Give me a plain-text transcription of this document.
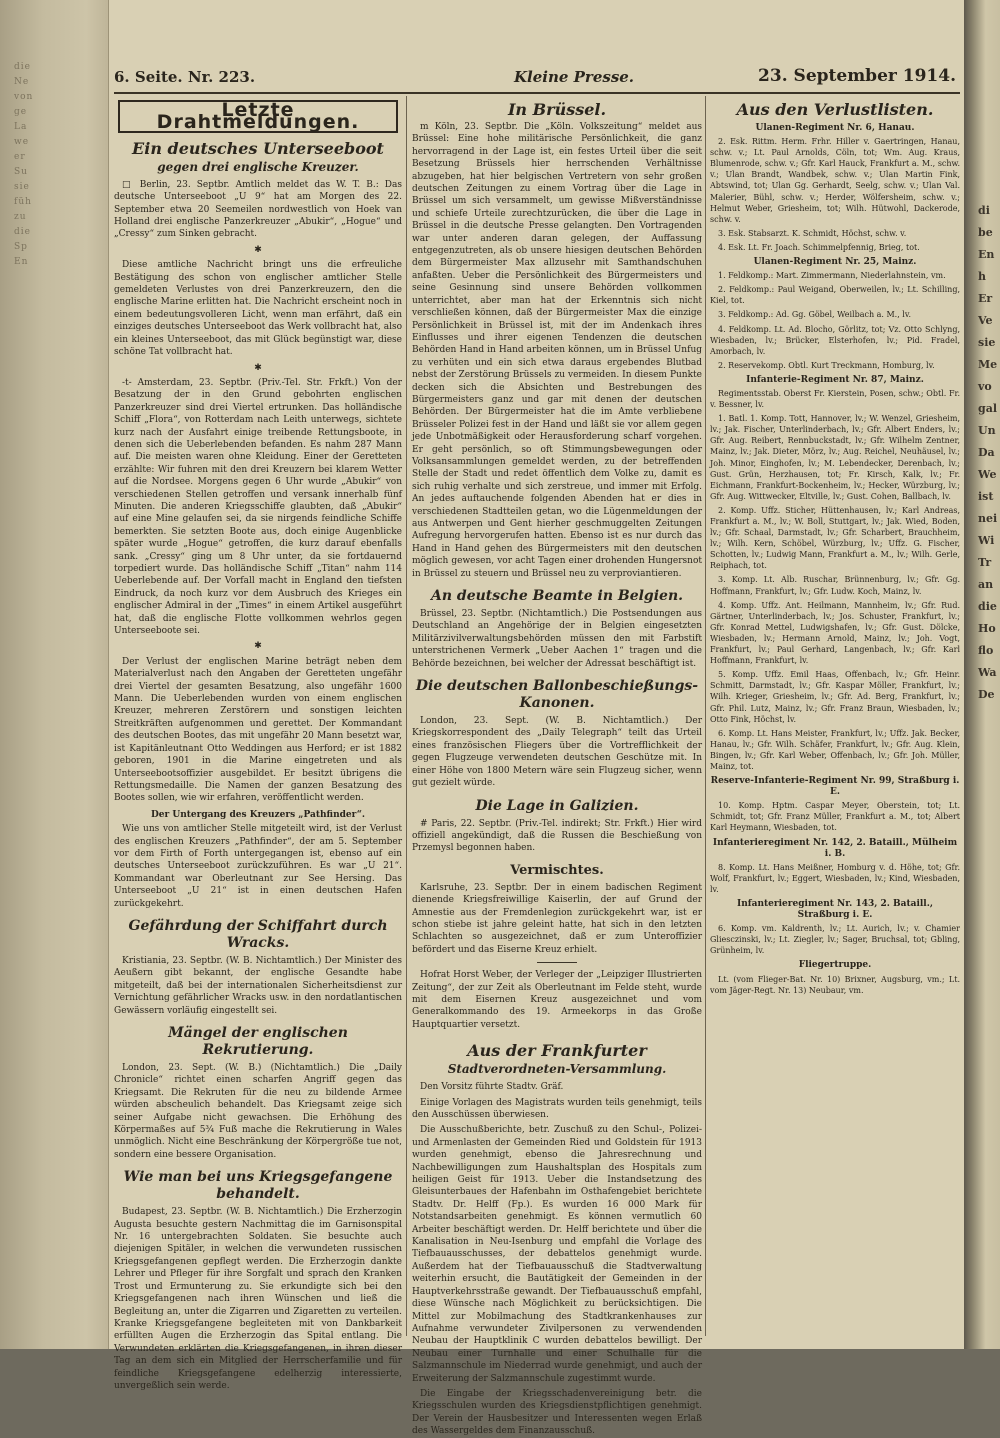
die
Ne
von
ge
La
we
er
Su
sie
füh
zu
die
Sp
En
6. Seite. Nr. 223.	Kleine Presse.	23. September 1914.
Letzte Drahtmeldungen.
Ein deutsches Unterseeboot
gegen drei englische Kreuzer.

□ Berlin, 23. Septbr. Amtlich meldet das W. T. B.: Das deutsche Unterseeboot „U 9“ hat am Morgen des 22. September etwa 20 Seemeilen nordwestlich von Hoek van Holland drei englische Panzerkreuzer „Abukir“, „Hogue“ und „Cressy“ zum Sinken gebracht.

✱

Diese amtliche Nachricht bringt uns die erfreuliche Bestätigung des schon von englischer amtlicher Stelle gemeldeten Verlustes von drei Panzerkreuzern, den die englische Marine erlitten hat. Die Nachricht erscheint noch in einem bedeutungsvolleren Licht, wenn man erfährt, daß ein einziges deutsches Unterseeboot das Werk vollbracht hat, also ein kleines Unterseeboot, das mit Glück begünstigt war, diese schöne Tat vollbracht hat.

✱

-t- Amsterdam, 23. Septbr. (Priv.-Tel. Str. Frkft.) Von der Besatzung der in den Grund gebohrten englischen Panzerkreuzer sind drei Viertel ertrunken. Das holländische Schiff „Flora“, von Rotterdam nach Leith unterwegs, sichtete kurz nach der Ausfahrt einige treibende Rettungsboote, in denen sich die Ueberlebenden befanden. Es nahm 287 Mann auf. Die meisten waren ohne Kleidung. Einer der Geretteten erzählte: Wir fuhren mit den drei Kreuzern bei klarem Wetter auf die Nordsee. Morgens gegen 6 Uhr wurde „Abukir“ von verschiedenen Stellen getroffen und versank innerhalb fünf Minuten. Die anderen Kriegsschiffe glaubten, daß „Abukir“ auf eine Mine gelaufen sei, da sie nirgends feindliche Schiffe bemerkten. Sie setzten Boote aus, doch einige Augenblicke später wurde „Hogue“ getroffen, die kurz darauf ebenfalls sank. „Cressy“ ging um 8 Uhr unter, da sie fortdauernd torpediert wurde. Das holländische Schiff „Titan“ nahm 114 Ueberlebende auf. Der Vorfall macht in England den tiefsten Eindruck, da noch kurz vor dem Ausbruch des Krieges ein englischer Admiral in der „Times“ in einem Artikel ausgeführt hat, daß die englische Flotte vollkommen wehrlos gegen Unterseeboote sei.

✱

Der Verlust der englischen Marine beträgt neben dem Materialverlust nach den Angaben der Geretteten ungefähr drei Viertel der gesamten Besatzung, also ungefähr 1600 Mann. Die Ueberlebenden wurden von einem englischen Kreuzer, mehreren Zerstörern und sonstigen leichten Streitkräften aufgenommen und gerettet. Der Kommandant des deutschen Bootes, das mit ungefähr 20 Mann besetzt war, ist Kapitänleutnant Otto Weddingen aus Herford; er ist 1882 geboren, 1901 in die Marine eingetreten und als Unterseebootsoffizier ausgebildet. Er besitzt übrigens die Rettungsmedaille. Die Namen der ganzen Besatzung des Bootes sollen, wie wir erfahren, veröffentlicht werden.

Der Untergang des Kreuzers „Pathfinder“.

Wie uns von amtlicher Stelle mitgeteilt wird, ist der Verlust des englischen Kreuzers „Pathfinder“, der am 5. September vor dem Firth of Forth untergegangen ist, ebenso auf ein deutsches Unterseeboot zurückzuführen. Es war „U 21“. Kommandant war Oberleutnant zur See Hersing. Das Unterseeboot „U 21“ ist in einen deutschen Hafen zurückgekehrt.

Gefährdung der Schiffahrt durch Wracks.

Kristiania, 23. Septbr. (W. B. Nichtamtlich.) Der Minister des Aeußern gibt bekannt, der englische Gesandte habe mitgeteilt, daß bei der internationalen Sicherheitsdienst zur Vernichtung gefährlicher Wracks usw. in den nordatlantischen Gewässern vorläufig eingestellt sei.

Mängel der englischen Rekrutierung.

London, 23. Sept. (W. B.) (Nichtamtlich.) Die „Daily Chronicle“ richtet einen scharfen Angriff gegen das Kriegsamt. Die Rekruten für die neu zu bildende Armee würden abscheulich behandelt. Das Kriegsamt zeige sich seiner Aufgabe nicht gewachsen. Die Erhöhung des Körpermaßes auf 5¾ Fuß mache die Rekrutierung in Wales unmöglich. Nicht eine Beschränkung der Körpergröße tue not, sondern eine bessere Organisation.

Wie man bei uns Kriegsgefangene behandelt.

Budapest, 23. Septbr. (W. B. Nichtamtlich.) Die Erzherzogin Augusta besuchte gestern Nachmittag die im Garnisonspital Nr. 16 untergebrachten Soldaten. Sie besuchte auch diejenigen Spitäler, in welchen die verwundeten russischen Kriegsgefangenen gepflegt werden. Die Erzherzogin dankte Lehrer und Pfleger für ihre Sorgfalt und sprach den Kranken Trost und Ermunterung zu. Sie erkundigte sich bei den Kriegsgefangenen nach ihren Wünschen und ließ die Begleitung an, unter die Zigarren und Zigaretten zu verteilen. Kranke Kriegsgefangene begleiteten mit von Dankbarkeit erfüllten Augen die Erzherzogin das Spital entlang. Die Verwundeten erklärten die Kriegsgefangenen, in ihren dieser Tag an dem sich ein Mitglied der Herrscherfamilie und für feindliche Kriegsgefangene edelherzig interessierte, unvergeßlich sein werde.

In Brüssel.

m Köln, 23. Septbr. Die „Köln. Volkszeitung“ meldet aus Brüssel: Eine hohe militärische Persönlichkeit, die ganz hervorragend in der Lage ist, ein festes Urteil über die seit Besetzung Brüssels hier herrschenden Verhältnisse abzugeben, hat hier belgischen Vertretern von sehr großen deutschen Zeitungen zu einem Vortrag über die Lage in Brüssel um sich versammelt, um gewisse Mißverständnisse und schiefe Urteile zurechtzurücken, die über die Lage in Brüssel in die deutsche Presse gelangten. Den Vortragenden war unter anderen daran gelegen, der Auffassung entgegenzutreten, als ob unsere hiesigen deutschen Behörden dem Bürgermeister Max allzusehr mit Samthandschuhen anfaßten. Ueber die Persönlichkeit des Bürgermeisters und seine Gesinnung sind unsere Behörden vollkommen unterrichtet, aber man hat der Erkenntnis sich nicht verschließen können, daß der Bürgermeister Max die einzige Persönlichkeit in Brüssel ist, mit der im Andenkach ihres Einflusses und ihrer eigenen Tendenzen die deutschen Behörden Hand in Hand arbeiten können, um in Brüssel Unfug zu verhüten und ein sich etwa daraus ergebendes Blutbad nebst der Zerstörung Brüssels zu vermeiden. In diesem Punkte decken sich die Absichten und Bestrebungen des Bürgermeisters ganz und gar mit denen der deutschen Behörden. Der Bürgermeister hat die im Amte verbliebene Brüsseler Polizei fest in der Hand und läßt sie vor allem gegen jede Unbotmäßigkeit oder Herausforderung scharf vorgehen. Er geht persönlich, so oft Stimmungsbewegungen oder Volksansammlungen gemeldet werden, zu der betreffenden Stelle der Stadt und redet öffentlich dem Volke zu, damit es sich ruhig verhalte und sich zerstreue, und immer mit Erfolg. An jedes auftauchende folgenden Abenden hat er dies in verschiedenen Stadtteilen getan, wo die Lügenmeldungen der aus Antwerpen und Gent hierher geschmuggelten Zeitungen Aufregung hervorgerufen hatten. Ebenso ist es nur durch das Hand in Hand gehen des Bürgermeisters mit den deutschen möglich gewesen, vor acht Tagen einer drohenden Hungersnot in Brüssel zu steuern und Brüssel neu zu verproviantieren.

An deutsche Beamte in Belgien.

Brüssel, 23. Septbr. (Nichtamtlich.) Die Postsendungen aus Deutschland an Angehörige der in Belgien eingesetzten Militärzivilverwaltungsbehörden müssen den mit Farbstift unterstrichenen Vermerk „Ueber Aachen 1“ tragen und die Behörde bezeichnen, bei welcher der Adressat beschäftigt ist.

Die deutschen Ballonbeschießungs-Kanonen.

London, 23. Sept. (W. B. Nichtamtlich.) Der Kriegskorrespondent des „Daily Telegraph“ teilt das Urteil eines französischen Fliegers über die Vortrefflichkeit der gegen Flugzeuge verwendeten deutschen Geschütze mit. In einer Höhe von 1800 Metern wäre sein Flugzeug sicher, wenn gut gezielt würde.

Die Lage in Galizien.

# Paris, 22. Septbr. (Priv.-Tel. indirekt; Str. Frkft.) Hier wird offiziell angekündigt, daß die Russen die Beschießung von Przemysl begonnen haben.

Vermischtes.

Karlsruhe, 23. Septbr. Der in einem badischen Regiment dienende Kriegsfreiwillige Kaiserlin, der auf Grund der Amnestie aus der Fremdenlegion zurückgekehrt war, ist er schon stiebe ist jahre geleint hatte, hat sich in den letzten Schlachten so ausgezeichnet, daß er zum Unteroffizier befördert und das Eiserne Kreuz erhielt.

Hofrat Horst Weber, der Verleger der „Leipziger Illustrierten Zeitung“, der zur Zeit als Oberleutnant im Felde steht, wurde mit dem Eisernen Kreuz ausgezeichnet und vom Generalkommando des 19. Armeekorps in das Große Hauptquartier versetzt.

Aus der Frankfurter
Stadtverordneten-Versammlung.

Den Vorsitz führte Stadtv. Gräf.

Einige Vorlagen des Magistrats wurden teils genehmigt, teils den Ausschüssen überwiesen.

Die Ausschußberichte, betr. Zuschuß zu den Schul-, Polizei- und Armenlasten der Gemeinden Ried und Goldstein für 1913 wurden genehmigt, ebenso die Jahresrechnung und Nachbewilligungen zum Haushaltsplan des Hospitals zum heiligen Geist für 1913. Ueber die Instandsetzung des Gleisunterbaues der Hafenbahn im Osthafengebiet berichtete Stadtv. Dr. Helff (Fp.). Es wurden 16 000 Mark für Notstandsarbeiten genehmigt. Es können vermutlich 60 Arbeiter beschäftigt werden. Dr. Helff berichtete und über die Kanalisation in Neu-Isenburg und empfahl die Vorlage des Tiefbauausschusses, der debattelos genehmigt wurde. Außerdem hat der Tiefbauausschuß die Stadtverwaltung weiterhin ersucht, die Bautätigkeit der Gemeinden in der Hauptverkehrsstraße gewandt. Der Tiefbauausschuß empfahl, diese Wünsche nach Möglichkeit zu berücksichtigen. Die Mittel zur Mobilmachung des Stadtkrankenhauses zur Aufnahme verwundeter Zivilpersonen zu verwendenden Neubau der Hauptklinik C wurden debattelos bewilligt. Der Neubau einer Turnhalle und einer Schulhalle für die Salzmannschule im Niederrad wurde genehmigt, und auch der Erweiterung der Salzmannschule zugestimmt wurde.

Die Eingabe der Kriegsschadenvereinigung betr. die Kriegsschulen wurden des Kriegsdienstpflichtigen genehmigt. Der Verein der Hausbesitzer und Interessenten wegen Erlaß des Wassergeldes dem Finanzausschuß.

Aus den Verlustlisten.
Ulanen-Regiment Nr. 6, Hanau.

2. Esk. Rittm. Herm. Frhr. Hiller v. Gaertringen, Hanau, schw. v.; Lt. Paul Arnolds, Cöln, tot; Wm. Aug. Kraus, Blumenrode, schw. v.; Gfr. Karl Hauck, Frankfurt a. M., schw. v.; Ulan Brandt, Wandbek, schw. v.; Ulan Martin Fink, Abtswind, tot; Ulan Gg. Gerhardt, Seelg, schw. v.; Ulan Val. Malerier, Bühl, schw. v.; Herder, Wölfersheim, schw. v.; Helmut Weber, Griesheim, tot; Wilh. Hütwohl, Dackerode, schw. v.

3. Esk. Stabsarzt. K. Schmidt, Höchst, schw. v.

4. Esk. Lt. Fr. Joach. Schimmelpfennig, Brieg, tot.

Ulanen-Regiment Nr. 25, Mainz.

1. Feldkomp.: Mart. Zimmermann, Niederlahnstein, vm.

2. Feldkomp.: Paul Weigand, Oberweilen, lv.; Lt. Schilling, Kiel, tot.

3. Feldkomp.: Ad. Gg. Göbel, Weilbach a. M., lv.

4. Feldkomp. Lt. Ad. Blocho, Görlitz, tot; Vz. Otto Schlyng, Wiesbaden, lv.; Brücker, Elsterhofen, lv.; Pid. Fradel, Amorbach, lv.

2. Reservekomp. Obtl. Kurt Treckmann, Homburg, lv.

Infanterie-Regiment Nr. 87, Mainz.

Regimentsstab. Oberst Fr. Kierstein, Posen, schw.; Obtl. Fr. v. Bessner, lv.

1. Batl. 1. Komp. Tott, Hannover, lv.; W. Wenzel, Griesheim, lv.; Jak. Fischer, Unterlinderbach, lv.; Gfr. Albert Enders, lv.; Gfr. Aug. Reibert, Rennbuckstadt, lv.; Gfr. Wilhelm Zentner, Mainz, lv.; Jak. Dieter, Mörz, lv.; Aug. Reichel, Neuhäusel, lv.; Joh. Minor, Einghofen, lv.; M. Lebendecker, Derenbach, lv.; Gust. Grün, Herzhausen, tot; Fr. Kirsch, Kalk, lv.; Fr. Eichmann, Frankfurt-Bockenheim, lv.; Hecker, Würzburg, lv.; Gfr. Aug. Wittwecker, Eltville, lv.; Gust. Cohen, Ballbach, lv.

2. Komp. Uffz. Sticher, Hüttenhausen, lv.; Karl Andreas, Frankfurt a. M., lv.; W. Boll, Stuttgart, lv.; Jak. Wied, Boden, lv.; Gfr. Schaal, Darmstadt, lv.; Gfr. Scharbert, Brauchheim, lv.; Wilh. Kern, Schöbel, Würzburg, lv.; Uffz. G. Fischer, Schotten, lv.; Ludwig Mann, Frankfurt a. M., lv.; Wilh. Gerle, Reiphach, tot.

3. Komp. Lt. Alb. Ruschar, Brünnenburg, lv.; Gfr. Gg. Hoffmann, Frankfurt, lv.; Gfr. Ludw. Koch, Mainz, lv.

4. Komp. Uffz. Ant. Heilmann, Mannheim, lv.; Gfr. Rud. Gärtner, Unterlinderbach, lv.; Jos. Schuster, Frankfurt, lv.; Gfr. Konrad Mettel, Ludwigshafen, lv.; Gfr. Gust. Dölcke, Wiesbaden, lv.; Hermann Arnold, Mainz, lv.; Joh. Vogt, Frankfurt, lv.; Paul Gerhard, Langenbach, lv.; Gfr. Karl Hoffmann, Frankfurt, lv.

5. Komp. Uffz. Emil Haas, Offenbach, lv.; Gfr. Heinr. Schmitt, Darmstadt, lv.; Gfr. Kaspar Möller, Frankfurt, lv.; Wilh. Krieger, Griesheim, lv.; Gfr. Ad. Berg, Frankfurt, lv.; Gfr. Phil. Lutz, Mainz, lv.; Gfr. Franz Braun, Wiesbaden, lv.; Otto Fink, Höchst, lv.

6. Komp. Lt. Hans Meister, Frankfurt, lv.; Uffz. Jak. Becker, Hanau, lv.; Gfr. Wilh. Schäfer, Frankfurt, lv.; Gfr. Aug. Klein, Bingen, lv.; Gfr. Karl Weber, Offenbach, lv.; Gfr. Joh. Müller, Mainz, tot.

Reserve-Infanterie-Regiment Nr. 99, Straßburg i. E.

10. Komp. Hptm. Caspar Meyer, Oberstein, tot; Lt. Schmidt, tot; Gfr. Franz Müller, Frankfurt a. M., tot; Albert Karl Heymann, Wiesbaden, tot.

Infanterieregiment Nr. 142, 2. Bataill., Mülheim i. B.

8. Komp. Lt. Hans Meißner, Homburg v. d. Höhe, tot; Gfr. Wolf, Frankfurt, lv.; Eggert, Wiesbaden, lv.; Kind, Wiesbaden, lv.

Infanterieregiment Nr. 143, 2. Bataill., Straßburg i. E.

6. Komp. vm. Kaldrenth, lv.; Lt. Aurich, lv.; v. Chamier Gliesczinski, lv.; Lt. Ziegler, lv.; Sager, Bruchsal, tot; Gbling, Grünheim, lv.

Fliegertruppe.

Lt. (vom Flieger-Bat. Nr. 10) Brixner, Augsburg, vm.; Lt. vom Jäger-Regt. Nr. 13) Neubaur, vm.

di
be
En
h
Er
Ve
sie
Me
vo
gal
Un
Da
We
ist
nei
Wi
Tr
an
die
Ho
flo
Wa
De
